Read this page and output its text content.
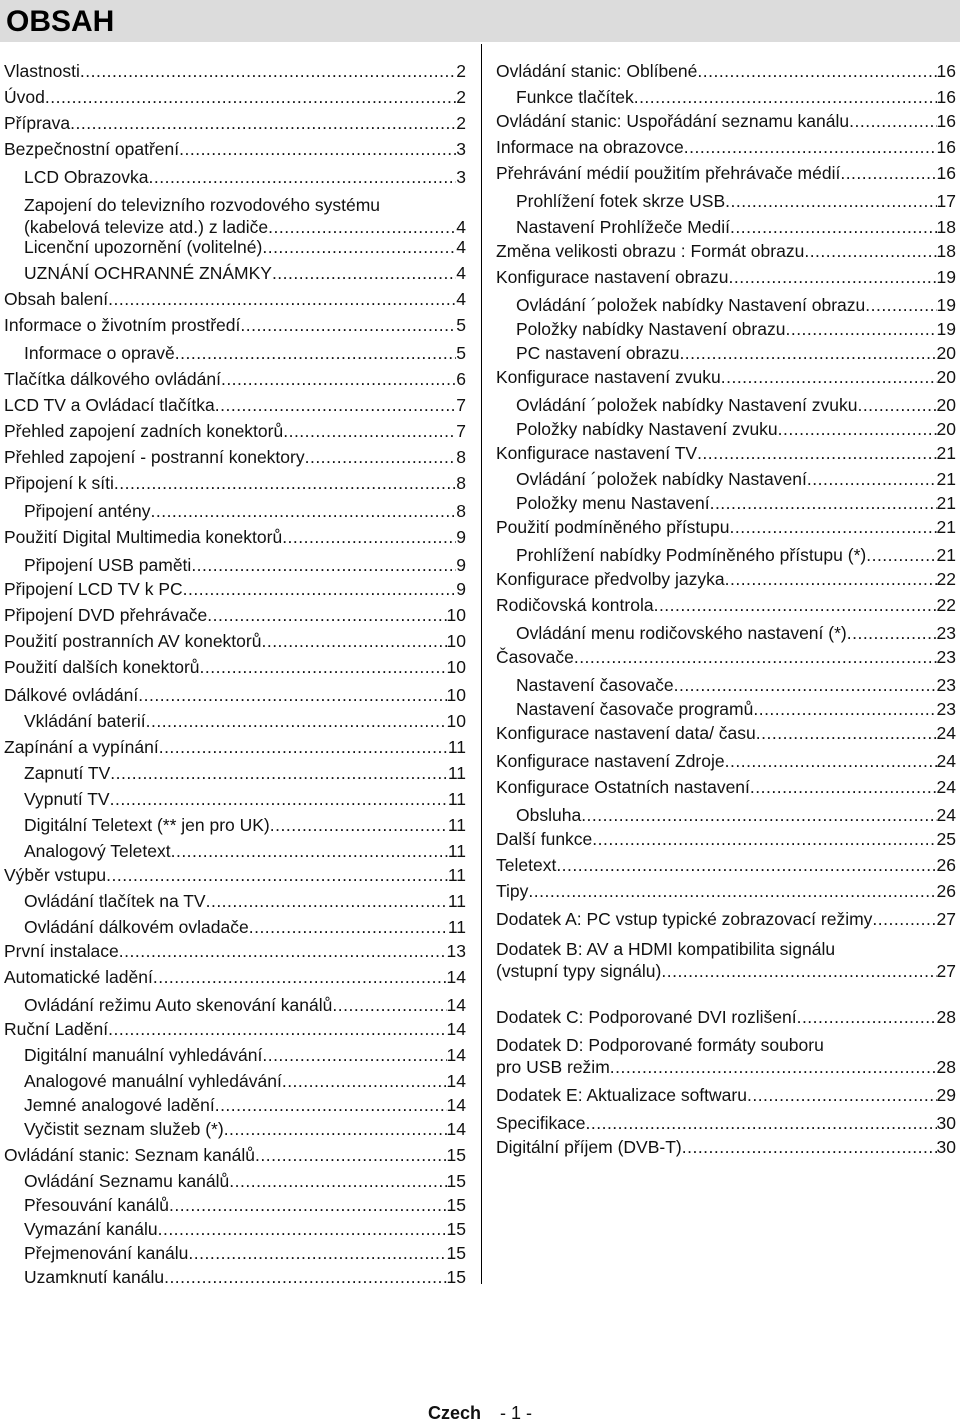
OBSAH
Vlastnosti .....	2
Úvod .....	2
Příprava .....	2
Bezpečnostní opatření .....	3
LCD Obrazovka .....	3
Zapojení do televizního rozvodového systému
(kabelová televize atd.) z ladiče .....	4
Licenční upozornění (volitelné) .....	4
UZNÁNÍ OCHRANNÉ ZNÁMKY .....	4
Obsah balení .....	4
Informace o životním prostředí .....	5
Informace o opravě .....	5
Tlačítka dálkového ovládání .....	6
LCD TV a Ovládací tlačítka .....	7
Přehled zapojení zadních konektorů .....	7
Přehled zapojení - postranní konektory .....	8
Připojení k síti .....	8
Připojení antény .....	8
Použití Digital Multimedia konektorů .....	9
Připojení USB paměti .....	9
Připojení LCD TV k PC .....	9
Připojení DVD přehrávače .....	10
Použití postranních AV konektorů .....	10
Použití dalších konektorů .....	10
Dálkové ovládání .....	10
Vkládání baterií .....	10
Zapínání a vypínání .....	11
Zapnutí TV .....	11
Vypnutí TV .....	11
Digitální Teletext (** jen pro UK) .....	11
Analogový Teletext .....	11
Výběr vstupu .....	11
Ovládání tlačítek na TV .....	11
Ovládání dálkovém ovladače .....	11
První instalace .....	13
Automatické ladění .....	14
Ovládání režimu Auto skenování kanálů .....	14
Ruční Ladění .....	14
Digitální manuální vyhledávání .....	14
Analogové manuální vyhledávání .....	14
Jemné analogové ladění .....	14
Vyčistit seznam služeb (*) .....	14
Ovládání stanic: Seznam kanálů .....	15
Ovládání Seznamu kanálů .....	15
Přesouvání kanálů .....	15
Vymazání kanálu .....	15
Přejmenování kanálu .....	15
Uzamknutí kanálu .....	15
Ovládání stanic: Oblíbené .....	16
Funkce tlačítek .....	16
Ovládání stanic: Uspořádání seznamu kanálu .....	16
Informace na obrazovce .....	16
Přehrávání médií použitím přehrávače médií .....	16
Prohlížení fotek skrze USB .....	17
Nastavení Prohlížeče Medií .....	18
Změna velikosti obrazu : Formát obrazu .....	18
Konfigurace nastavení obrazu .....	19
Ovládání ´položek nabídky Nastavení obrazu .....	19
Položky nabídky Nastavení obrazu .....	19
PC nastavení obrazu .....	20
Konfigurace nastavení zvuku .....	20
Ovládání ´položek nabídky Nastavení zvuku .....	20
Položky nabídky Nastavení zvuku .....	20
Konfigurace nastavení TV .....	21
Ovládání ´položek nabídky Nastavení .....	21
Položky menu Nastavení .....	21
Použití podmíněného přístupu .....	21
Prohlížení nabídky Podmíněného přístupu (*) .....	21
Konfigurace předvolby jazyka .....	22
Rodičovská kontrola .....	22
Ovládání menu rodičovského nastavení (*) .....	23
Časovače .....	23
Nastavení časovače .....	23
Nastavení časovače programů .....	23
Konfigurace nastavení data/ času .....	24
Konfigurace nastavení Zdroje .....	24
Konfigurace Ostatních nastavení .....	24
Obsluha .....	24
Další funkce .....	25
Teletext .....	26
Tipy .....	26
Dodatek A: PC vstup typické zobrazovací režimy .....	27
Dodatek B: AV a HDMI kompatibilita signálu
(vstupní typy signálu) .....	27
Dodatek C: Podporované DVI rozlišení .....	28
Dodatek D: Podporované formáty souboru
pro USB režim .....	28
Dodatek E: Aktualizace softwaru .....	29
Specifikace .....	30
Digitální příjem (DVB-T) .....	30
Czech - 1 -
